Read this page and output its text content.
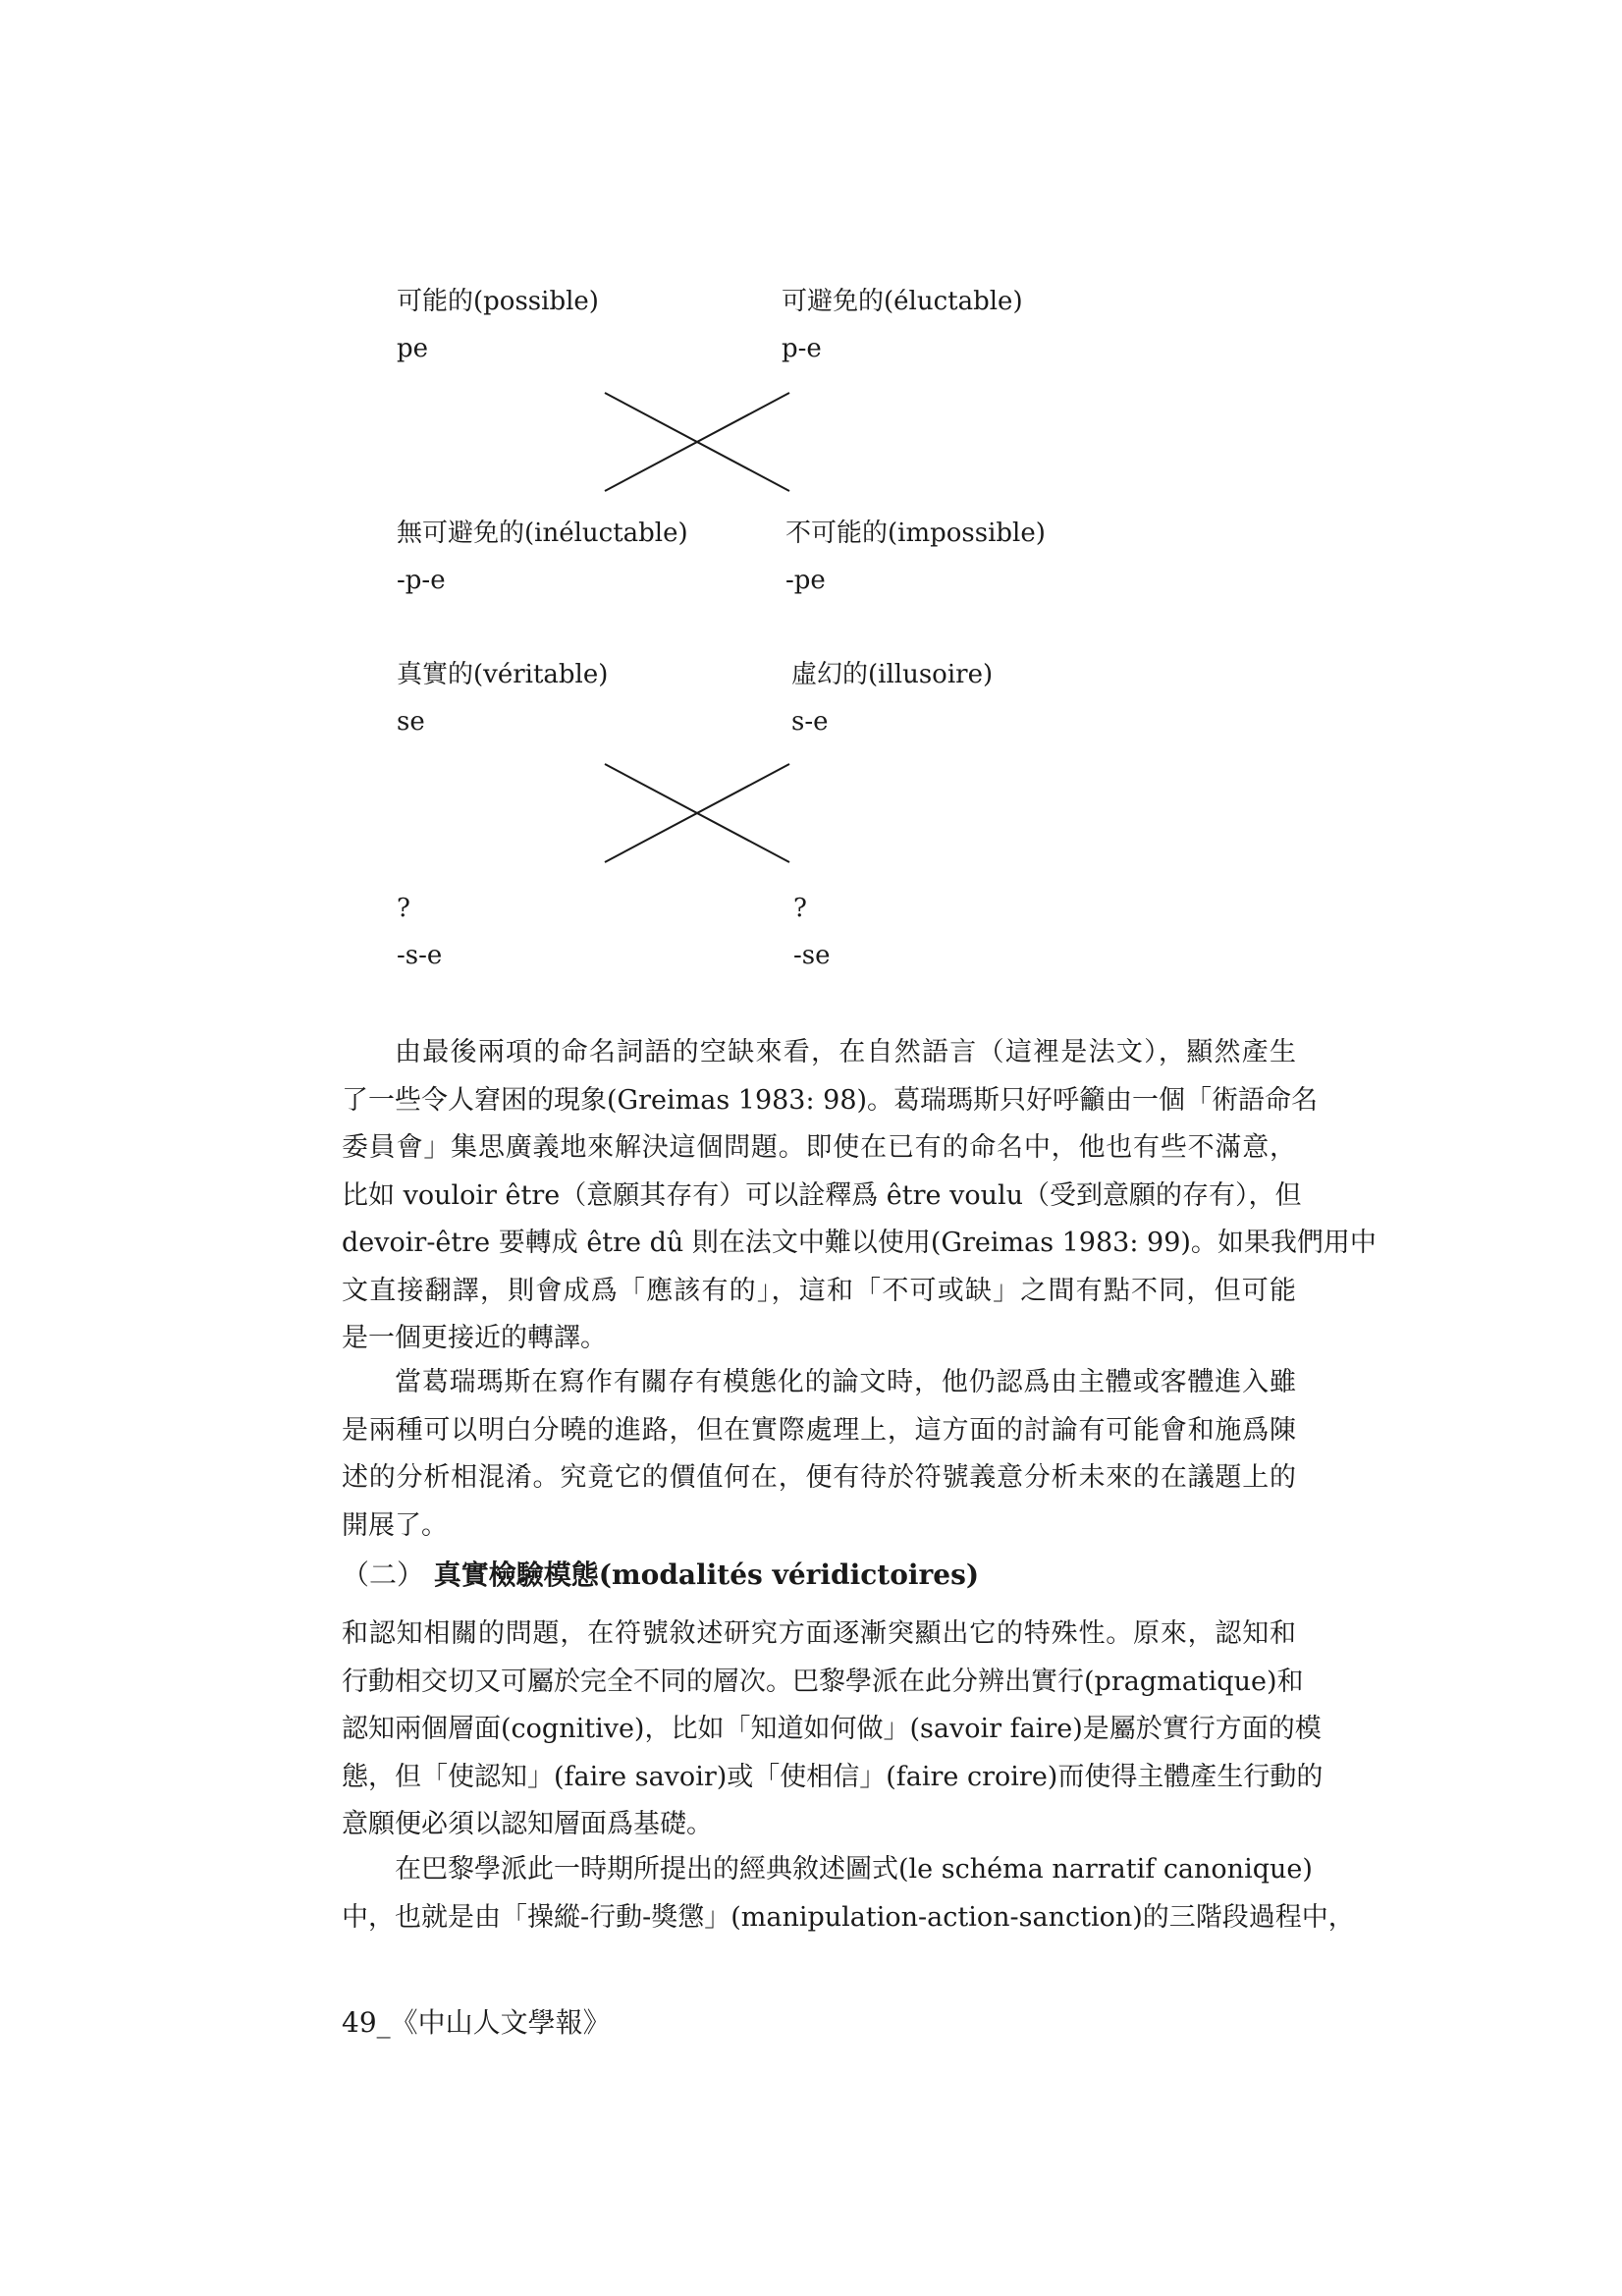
可能的(possible)
pe
可避免的(éluctable)
p-e
無可避免的(inéluctable)
-p-e
不可能的(impossible)
-pe
真實的(véritable)
se
虛幻的(illusoire)
s-e
?
-s-e
?
-se
由最後兩項的命名詞語的空缺來看，在自然語言（這裡是法文），顯然產生
了一些令人窘困的現象(Greimas 1983: 98)。葛瑞瑪斯只好呼籲由一個「術語命名
委員會」集思廣義地來解決這個問題。即使在已有的命名中，他也有些不滿意，
比如 vouloir être（意願其存有）可以詮釋爲 être voulu（受到意願的存有），但
devoir-être 要轉成 être dû 則在法文中難以使用(Greimas 1983: 99)。如果我們用中
文直接翻譯，則會成爲「應該有的」，這和「不可或缺」之間有點不同，但可能
是一個更接近的轉譯。
當葛瑞瑪斯在寫作有關存有模態化的論文時，他仍認爲由主體或客體進入雖
是兩種可以明白分曉的進路，但在實際處理上，這方面的討論有可能會和施爲陳
述的分析相混淆。究竟它的價值何在，便有待於符號義意分析未來的在議題上的
開展了。
（二） 真實檢驗模態(modalités véridictoires)
和認知相關的問題，在符號敘述研究方面逐漸突顯出它的特殊性。原來，認知和
行動相交切又可屬於完全不同的層次。巴黎學派在此分辨出實行(pragmatique)和
認知兩個層面(cognitive)，比如「知道如何做」(savoir faire)是屬於實行方面的模
態，但「使認知」(faire savoir)或「使相信」(faire croire)而使得主體產生行動的
意願便必須以認知層面爲基礎。
在巴黎學派此一時期所提出的經典敘述圖式(le schéma narratif canonique)
中，也就是由「操縱-行動-獎懲」(manipulation-action-sanction)的三階段過程中，
49_《中山人文學報》
